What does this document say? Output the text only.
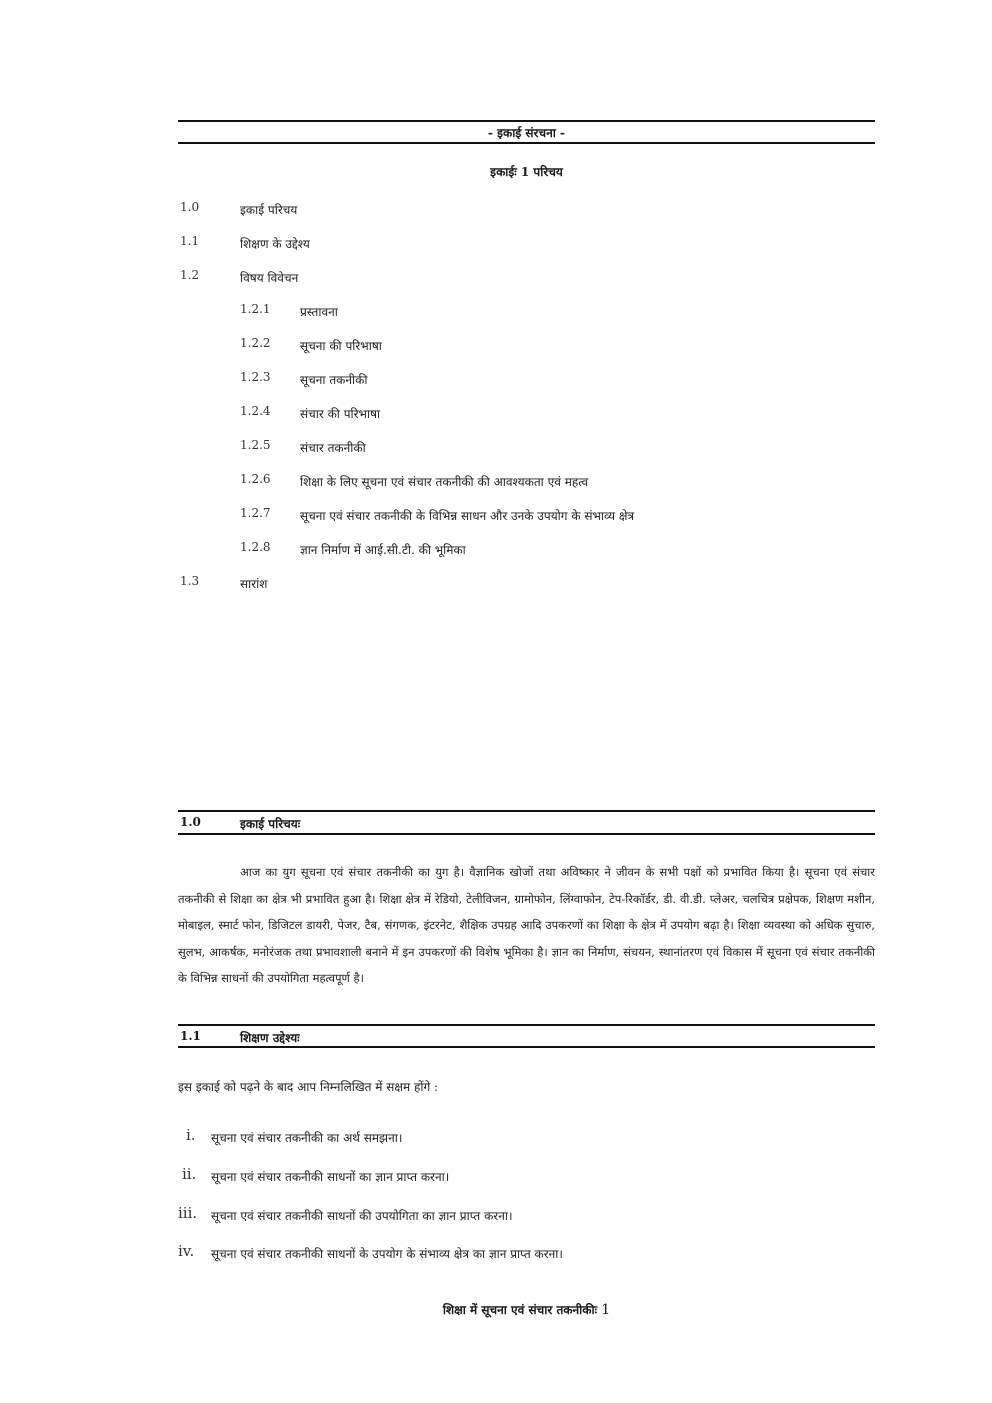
- इकाई संरचना -
इकाईः 1 परिचय
1.0	इकाई परिचय
1.1	शिक्षण के उद्देश्य
1.2	विषय विवेचन
1.2.1 प्रस्तावना
1.2.2 सूचना की परिभाषा
1.2.3 सूचना तकनीकी
1.2.4 संचार की परिभाषा
1.2.5 संचार तकनीकी
1.2.6 शिक्षा के लिए सूचना एवं संचार तकनीकी की आवश्यकता एवं महत्व
1.2.7 सूचना एवं संचार तकनीकी के विभिन्न साधन और उनके उपयोग के संभाव्य क्षेत्र
1.2.8 ज्ञान निर्माण में आई.सी.टी. की भूमिका
1.3	सारांश
1.0	इकाई परिचयः
आज का युग सूचना एवं संचार तकनीकी का युग है। वैज्ञानिक खोजों तथा अविष्कार ने जीवन के सभी पक्षों को प्रभावित किया है। सूचना एवं संचार तकनीकी से शिक्षा का क्षेत्र भी प्रभावित हुआ है। शिक्षा क्षेत्र में रेडियो, टेलीविजन, ग्रामोफोन, लिंग्वाफोन, टेप-रिकॉर्डर, डी. वी.डी. प्लेअर, चलचित्र प्रक्षेपक, शिक्षण मशीन, मोबाइल, स्मार्ट फोन, डिजिटल डायरी, पेजर, टैब, संगणक, इंटरनेट, शैक्षिक उपग्रह आदि उपकरणों का शिक्षा के क्षेत्र में उपयोग बढ़ा है। शिक्षा व्यवस्था को अधिक सुचारु, सुलभ, आकर्षक, मनोरंजक तथा प्रभावशाली बनाने में इन उपकरणों की विशेष भूमिका है। ज्ञान का निर्माण, संचयन, स्थानांतरण एवं विकास में सूचना एवं संचार तकनीकी के विभिन्न साधनों की उपयोगिता महत्वपूर्ण है।
1.1	शिक्षण उद्देश्यः
इस इकाई को पढ़ने के बाद आप निम्नलिखित में सक्षम होंगे :
i. सूचना एवं संचार तकनीकी का अर्थ समझना।
ii. सूचना एवं संचार तकनीकी साधनों का ज्ञान प्राप्त करना।
iii. सूचना एवं संचार तकनीकी साधनों की उपयोगिता का ज्ञान प्राप्त करना।
iv. सूचना एवं संचार तकनीकी साधनों के उपयोग के संभाव्य क्षेत्र का ज्ञान प्राप्त करना।
शिक्षा में सूचना एवं संचार तकनीकीः 1
